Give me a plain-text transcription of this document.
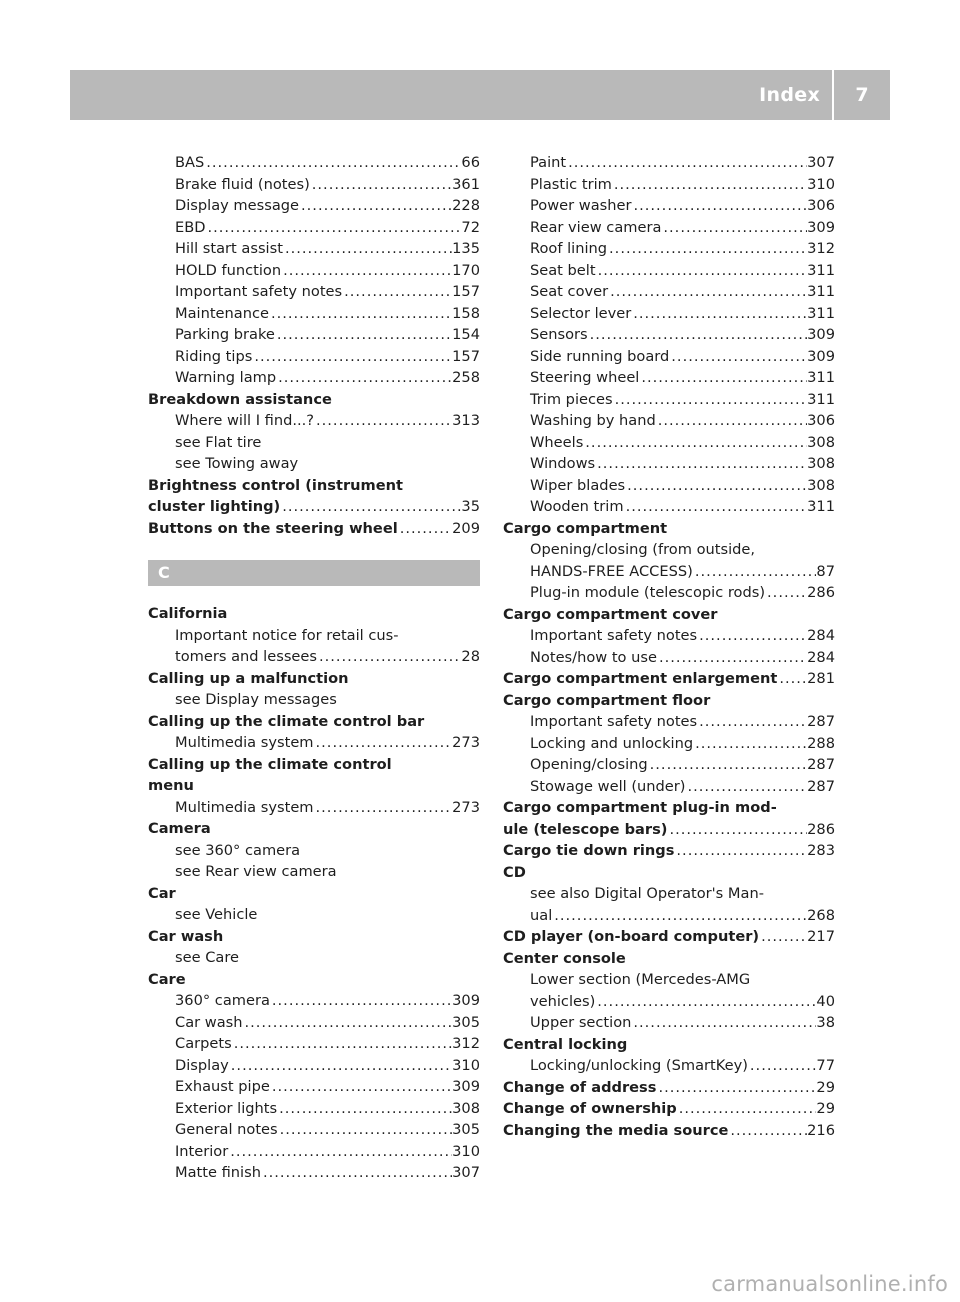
Index	7
BAS .....	66
Brake fluid (notes) .....	361
Display message .....	228
EBD .....	72
Hill start assist .....	135
HOLD function .....	170
Important safety notes .....	157
Maintenance .....	158
Parking brake .....	154
Riding tips .....	157
Warning lamp .....	258
Breakdown assistance
Where will I find...? .....	313
see Flat tire
see Towing away
Brightness control (instrument
cluster lighting) .....	35
Buttons on the steering wheel .....	209
C
California
Important notice for retail cus-
tomers and lessees .....	28
Calling up a malfunction
see Display messages
Calling up the climate control bar
Multimedia system .....	273
Calling up the climate control
menu
Multimedia system .....	273
Camera
see 360° camera
see Rear view camera
Car
see Vehicle
Car wash
see Care
Care
360° camera .....	309
Car wash .....	305
Carpets .....	312
Display .....	310
Exhaust pipe .....	309
Exterior lights .....	308
General notes .....	305
Interior .....	310
Matte finish .....	307
Paint .....	307
Plastic trim .....	310
Power washer .....	306
Rear view camera .....	309
Roof lining .....	312
Seat belt .....	311
Seat cover .....	311
Selector lever .....	311
Sensors .....	309
Side running board .....	309
Steering wheel .....	311
Trim pieces .....	311
Washing by hand .....	306
Wheels .....	308
Windows .....	308
Wiper blades .....	308
Wooden trim .....	311
Cargo compartment
Opening/closing (from outside,
HANDS-FREE ACCESS) .....	87
Plug-in module (telescopic rods) .....	286
Cargo compartment cover
Important safety notes .....	284
Notes/how to use .....	284
Cargo compartment enlargement ..... 281
Cargo compartment floor
Important safety notes .....	287
Locking and unlocking .....	288
Opening/closing .....	287
Stowage well (under) .....	287
Cargo compartment plug-in mod-
ule (telescope bars) .....	286
Cargo tie down rings .....	283
CD
see also Digital Operator's Man-
ual .....	268
CD player (on-board computer) .....	217
Center console
Lower section (Mercedes-AMG
vehicles) .....	40
Upper section .....	38
Central locking
Locking/unlocking (SmartKey) .....	77
Change of address .....	29
Change of ownership .....	29
Changing the media source .....	216
carmanualsonline.info
